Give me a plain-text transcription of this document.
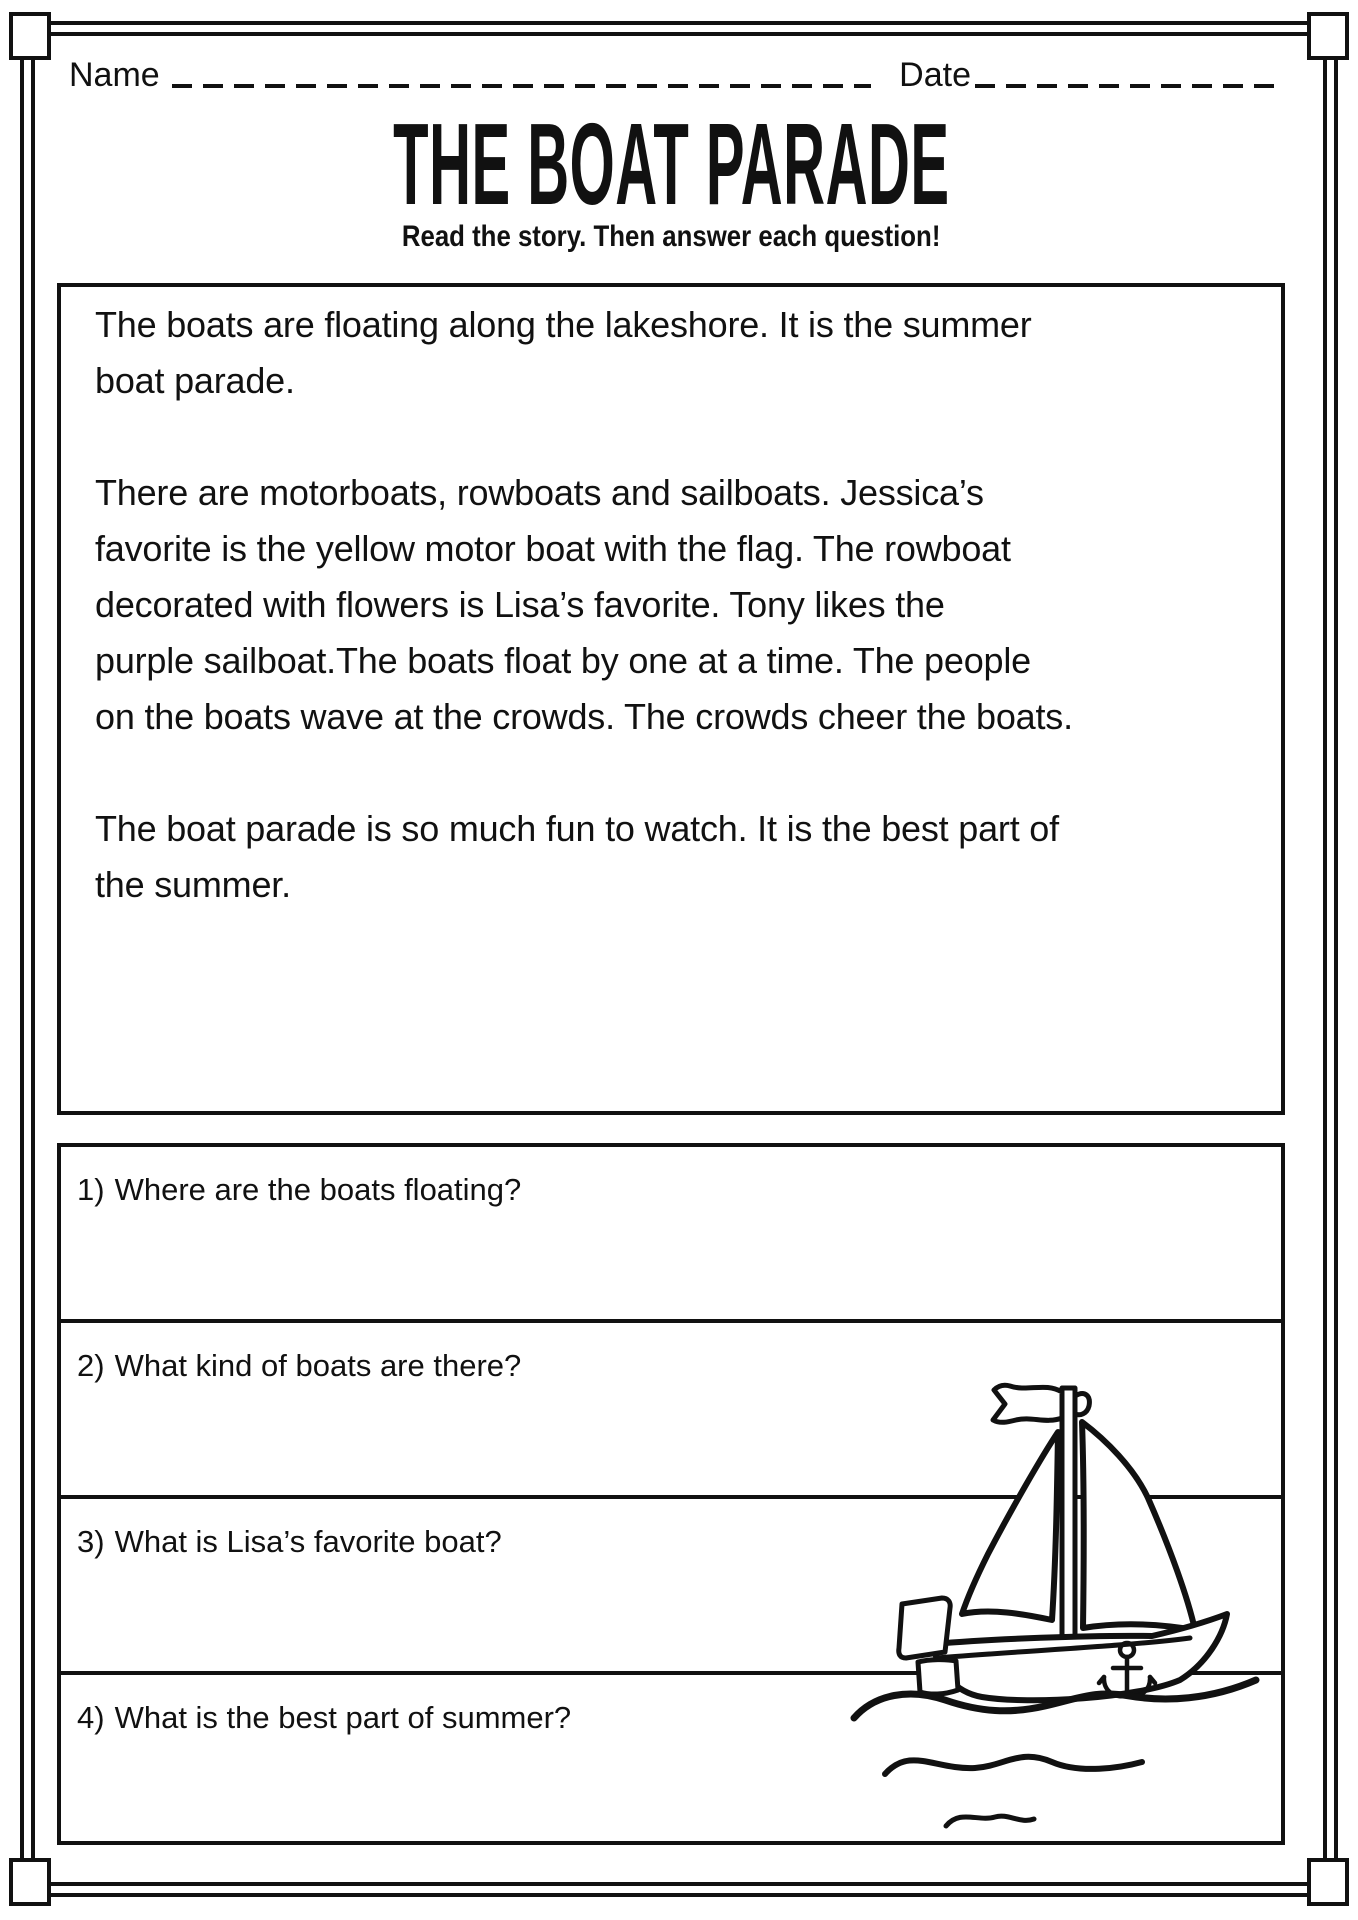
Name	Date
THE BOAT PARADE
Read the story. Then answer each question!

The boats are floating along the lakeshore. It is the summer
boat parade.

There are motorboats, rowboats and sailboats. Jessica’s
favorite is the yellow motor boat with the flag. The rowboat
decorated with flowers is Lisa’s favorite. Tony likes the
purple sailboat.The boats float by one at a time. The people
on the boats wave at the crowds. The crowds cheer the boats.

The boat parade is so much fun to watch. It is the best part of
the summer.

1) Where are the boats floating?
2) What kind of boats are there?
3) What is Lisa’s favorite boat?
4) What is the best part of summer?
